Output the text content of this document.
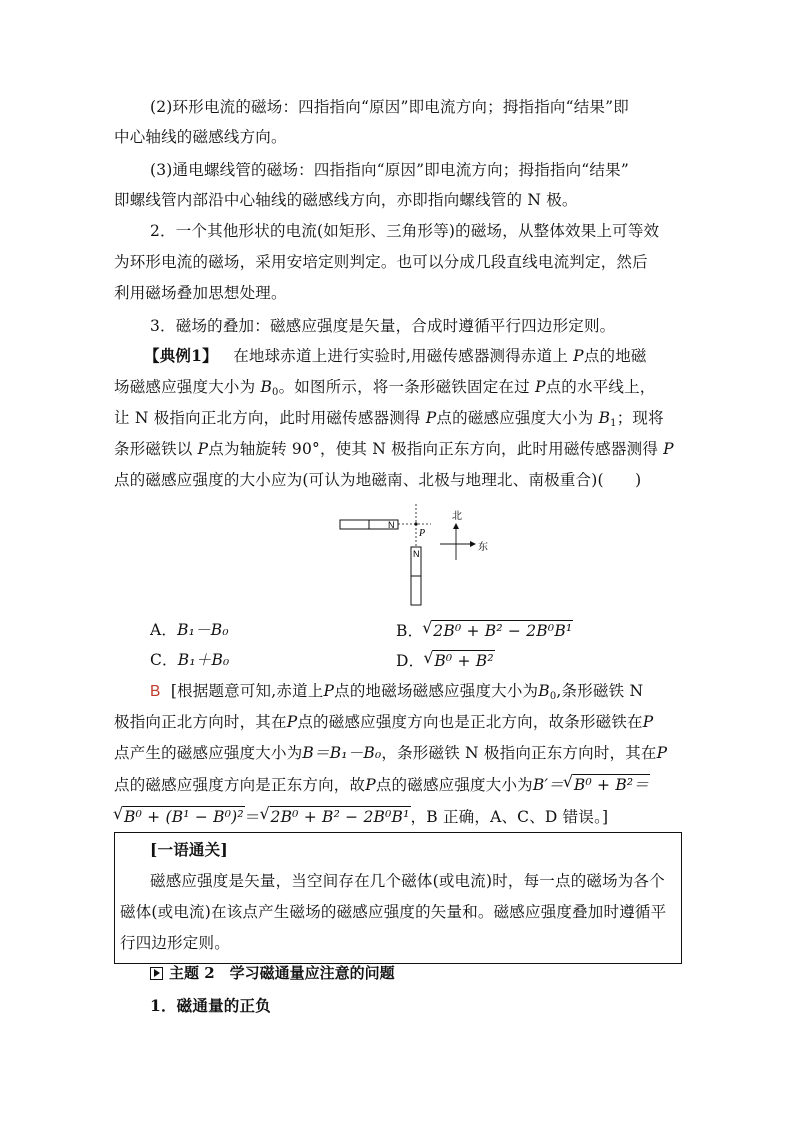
(2)环形电流的磁场：四指指向“原因”即电流方向；拇指指向“结果”即
中心轴线的磁感线方向。
(3)通电螺线管的磁场：四指指向“原因”即电流方向；拇指指向“结果”
即螺线管内部沿中心轴线的磁感线方向，亦即指向螺线管的 N 极。
2．一个其他形状的电流(如矩形、三角形等)的磁场，从整体效果上可等效
为环形电流的磁场，采用安培定则判定。也可以分成几段直线电流判定，然后
利用磁场叠加思想处理。
3．磁场的叠加：磁感应强度是矢量，合成时遵循平行四边形定则。
【典例1】 在地球赤道上进行实验时,用磁传感器测得赤道上 P点的地磁
场磁感应强度大小为 $B_0$。如图所示，将一条形磁铁固定在过 P点的水平线上，
让 N 极指向正北方向，此时用磁传感器测得 P点的磁感应强度大小为 $B_1$；现将
条形磁铁以 P点为轴旋转 90°，使其 N 极指向正东方向，此时用磁传感器测得 P
点的磁感应强度的大小应为(可认为地磁南、北极与地理北、南极重合)(　　)
N
P
N
北
东
A．B₁－B₀	B． √ 2B⁰ + B² − 2B⁰B¹
C．B₁＋B₀	D． √ B⁰ + B²
B [根据题意可知,赤道上P点的地磁场磁感应强度大小为$B_0$,条形磁铁 N
极指向正北方向时，其在P点的磁感应强度方向也是正北方向，故条形磁铁在P
点产生的磁感应强度大小为B＝B₁－B₀，条形磁铁 N 极指向正东方向时，其在P
点的磁感应强度方向是正东方向，故P点的磁感应强度大小为B′＝ √ B⁰ + B²＝
√ B⁰ + (B¹ − B⁰)²＝ √ 2B⁰ + B² − 2B⁰B¹，B 正确，A、C、D 错误。]
[一语通关]
磁感应强度是矢量，当空间存在几个磁体(或电流)时，每一点的磁场为各个
磁体(或电流)在该点产生磁场的磁感应强度的矢量和。磁感应强度叠加时遵循平
行四边形定则。
主题 2　学习磁通量应注意的问题
1．磁通量的正负
